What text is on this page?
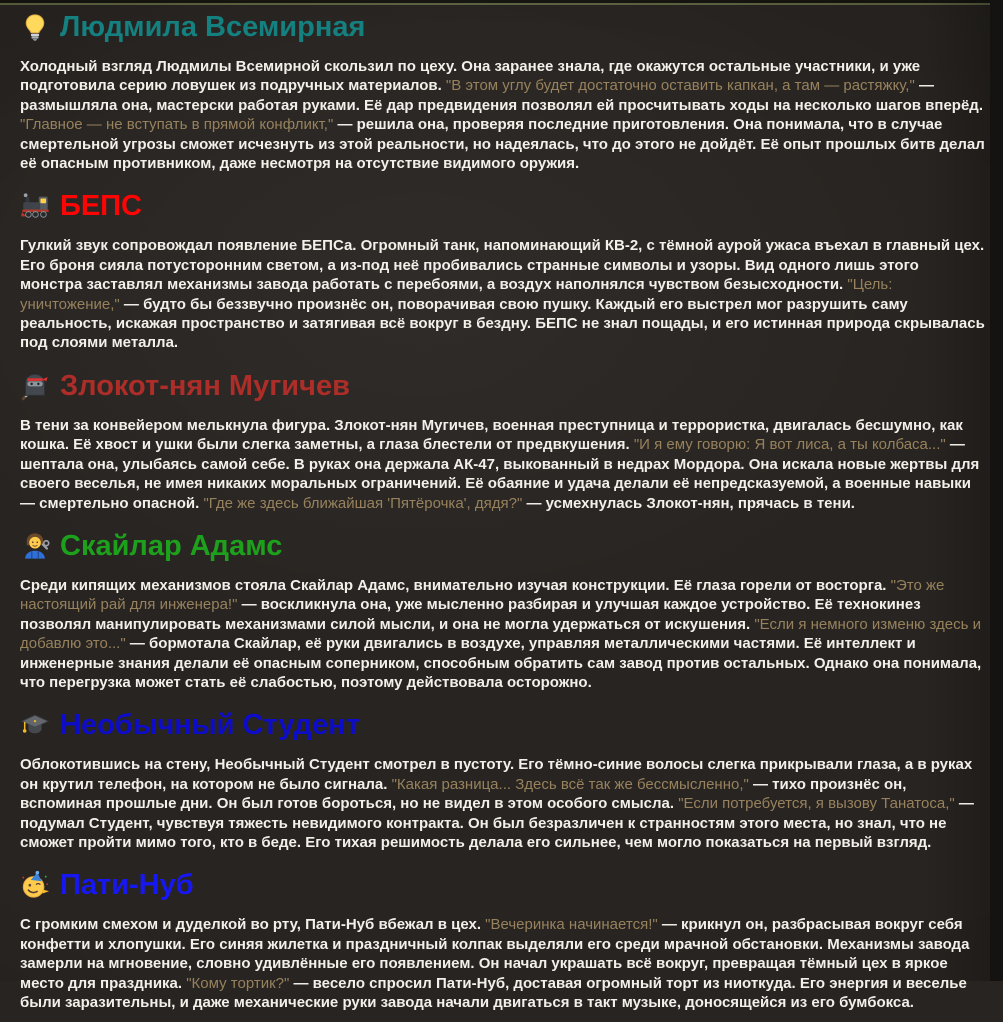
Людмила Всемирная

Холодный взгляд Людмилы Всемирной скользил по цеху. Она заранее знала, где окажутся остальные участники, и уже подготовила серию ловушек из подручных материалов. "В этом углу будет достаточно оставить капкан, а там — растяжку," — размышляла она, мастерски работая руками. Её дар предвидения позволял ей просчитывать ходы на несколько шагов вперёд. "Главное — не вступать в прямой конфликт," — решила она, проверяя последние приготовления. Она понимала, что в случае смертельной угрозы сможет исчезнуть из этой реальности, но надеялась, что до этого не дойдёт. Её опыт прошлых битв делал её опасным противником, даже несмотря на отсутствие видимого оружия.

БЕПС

Гулкий звук сопровождал появление БЕПСа. Огромный танк, напоминающий КВ-2, с тёмной аурой ужаса въехал в главный цех. Его броня сияла потусторонним светом, а из-под неё пробивались странные символы и узоры. Вид одного лишь этого монстра заставлял механизмы завода работать с перебоями, а воздух наполнялся чувством безысходности. "Цель: уничтожение," — будто бы беззвучно произнёс он, поворачивая свою пушку. Каждый его выстрел мог разрушить саму реальность, искажая пространство и затягивая всё вокруг в бездну. БЕПС не знал пощады, и его истинная природа скрывалась под слоями металла.

Злокот-нян Мугичев

В тени за конвейером мелькнула фигура. Злокот-нян Мугичев, военная преступница и террористка, двигалась бесшумно, как кошка. Её хвост и ушки были слегка заметны, а глаза блестели от предвкушения. "И я ему говорю: Я вот лиса, а ты колбаса..." — шептала она, улыбаясь самой себе. В руках она держала АК-47, выкованный в недрах Мордора. Она искала новые жертвы для своего веселья, не имея никаких моральных ограничений. Её обаяние и удача делали её непредсказуемой, а военные навыки — смертельно опасной. "Где же здесь ближайшая 'Пятёрочка', дядя?" — усмехнулась Злокот-нян, прячась в тени.

Скайлар Адамс

Среди кипящих механизмов стояла Скайлар Адамс, внимательно изучая конструкции. Её глаза горели от восторга. "Это же настоящий рай для инженера!" — воскликнула она, уже мысленно разбирая и улучшая каждое устройство. Её технокинез позволял манипулировать механизмами силой мысли, и она не могла удержаться от искушения. "Если я немного изменю здесь и добавлю это..." — бормотала Скайлар, её руки двигались в воздухе, управляя металлическими частями. Её интеллект и инженерные знания делали её опасным соперником, способным обратить сам завод против остальных. Однако она понимала, что перегрузка может стать её слабостью, поэтому действовала осторожно.

Необычный Студент

Облокотившись на стену, Необычный Студент смотрел в пустоту. Его тёмно-синие волосы слегка прикрывали глаза, а в руках он крутил телефон, на котором не было сигнала. "Какая разница... Здесь всё так же бессмысленно," — тихо произнёс он, вспоминая прошлые дни. Он был готов бороться, но не видел в этом особого смысла. "Если потребуется, я вызову Танатоса," — подумал Студент, чувствуя тяжесть невидимого контракта. Он был безразличен к странностям этого места, но знал, что не сможет пройти мимо того, кто в беде. Его тихая решимость делала его сильнее, чем могло показаться на первый взгляд.

Пати-Нуб

С громким смехом и дуделкой во рту, Пати-Нуб вбежал в цех. "Вечеринка начинается!" — крикнул он, разбрасывая вокруг себя конфетти и хлопушки. Его синяя жилетка и праздничный колпак выделяли его среди мрачной обстановки. Механизмы завода замерли на мгновение, словно удивлённые его появлением. Он начал украшать всё вокруг, превращая тёмный цех в яркое место для праздника. "Кому тортик?" — весело спросил Пати-Нуб, доставая огромный торт из ниоткуда. Его энергия и веселье были заразительны, и даже механические руки завода начали двигаться в такт музыке, доносящейся из его бумбокса.
